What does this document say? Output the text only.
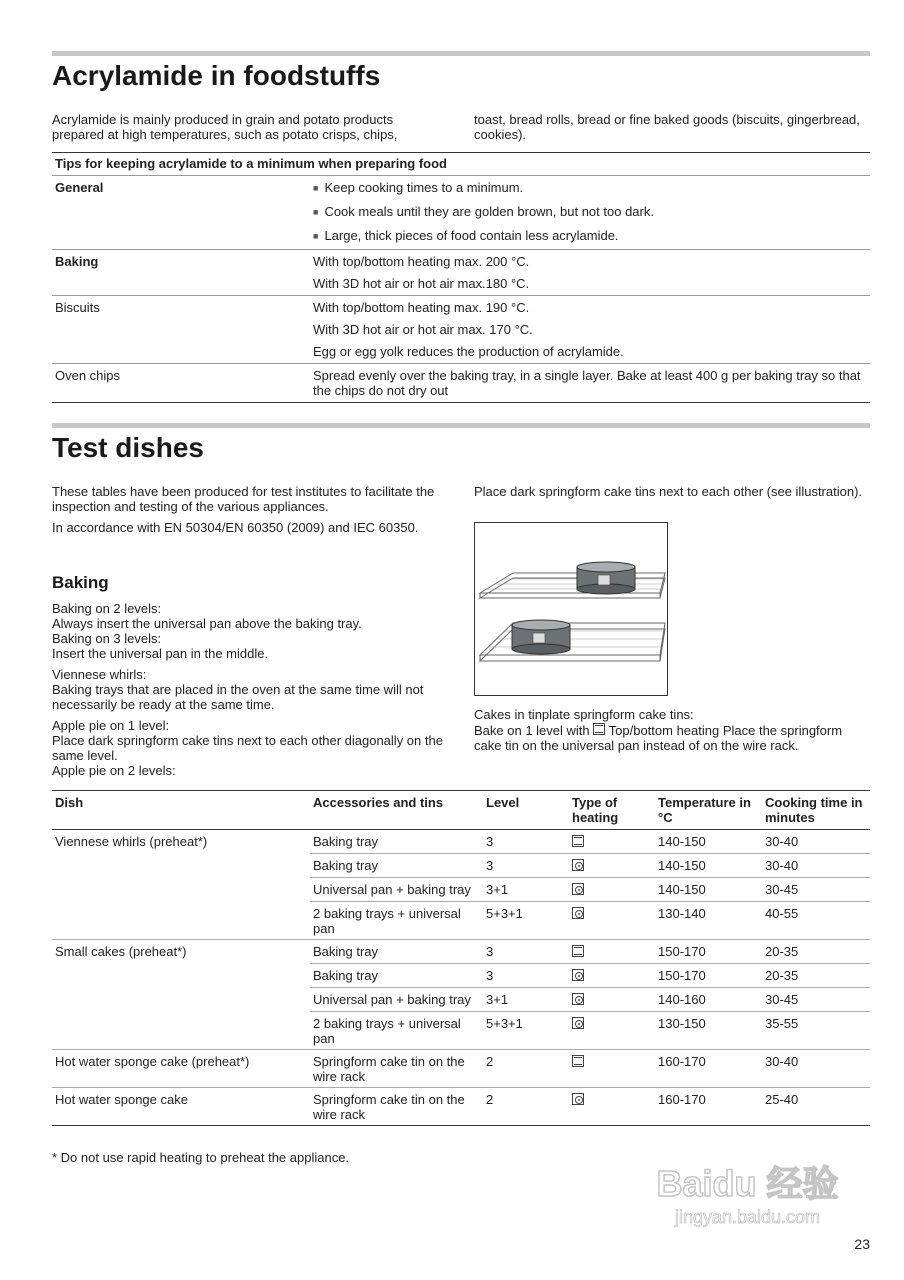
Acrylamide in foodstuffs
Acrylamide is mainly produced in grain and potato products prepared at high temperatures, such as potato crisps, chips,
toast, bread rolls, bread or fine baked goods (biscuits, gingerbread, cookies).
Tips for keeping acrylamide to a minimum when preparing food	
General	■ Keep cooking times to a minimum.
	■ Cook meals until they are golden brown, but not too dark.
	■ Large, thick pieces of food contain less acrylamide.
Baking	With top/bottom heating max. 200 °C.
	With 3D hot air or hot air max.180 °C.
Biscuits	With top/bottom heating max. 190 °C.
	With 3D hot air or hot air max. 170 °C.
	Egg or egg yolk reduces the production of acrylamide.
Oven chips	Spread evenly over the baking tray, in a single layer. Bake at least 400 g per baking tray so that the chips do not dry out
Test dishes

These tables have been produced for test institutes to facilitate the inspection and testing of the various appliances.

In accordance with EN 50304/EN 60350 (2009) and IEC 60350.

Place dark springform cake tins next to each other (see illustration).
Baking

Baking on 2 levels:
Always insert the universal pan above the baking tray.
Baking on 3 levels:
Insert the universal pan in the middle.

Viennese whirls:
Baking trays that are placed in the oven at the same time will not necessarily be ready at the same time.

Apple pie on 1 level:
Place dark springform cake tins next to each other diagonally on the same level.
Apple pie on 2 levels:

Cakes in tinplate springform cake tins:
Bake on 1 level with Top/bottom heating Place the springform cake tin on the universal pan instead of on the wire rack.
Dish	Accessories and tins	Level	Type of heating	Temperature in °C	Cooking time in minutes
Viennese whirls (preheat*)	Baking tray	3		140-150	30-40
	Baking tray	3		140-150	30-40
	Universal pan + baking tray	3+1		140-150	30-45
	2 baking trays + universal pan	5+3+1		130-140	40-55
Small cakes (preheat*)	Baking tray	3		150-170	20-35
	Baking tray	3		150-170	20-35
	Universal pan + baking tray	3+1		140-160	30-45
	2 baking trays + universal pan	5+3+1		130-150	35-55
Hot water sponge cake (preheat*)	Springform cake tin on the wire rack	2		160-170	30-40
Hot water sponge cake	Springform cake tin on the wire rack	2		160-170	25-40
* Do not use rapid heating to preheat the appliance.
Baidu 经验
jingyan.baidu.com
23
